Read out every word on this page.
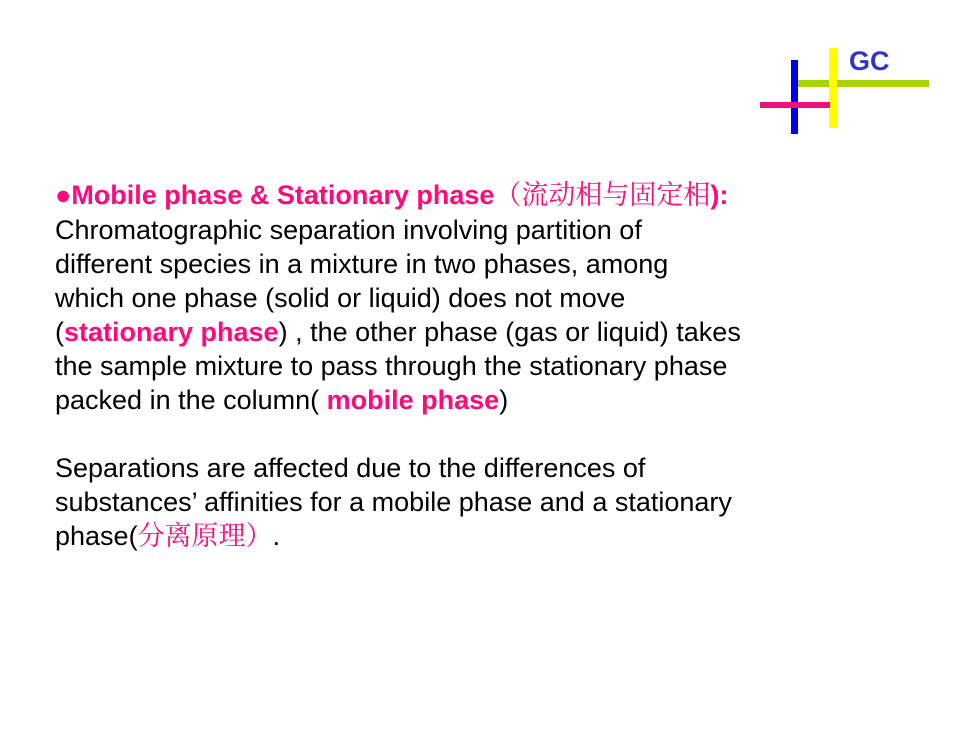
GC
●Mobile phase & Stationary phase（流动相与固定相):
Chromatographic separation involving partition of
different species in a mixture in two phases, among
which one phase (solid or liquid) does not move
(stationary phase) , the other phase (gas or liquid) takes
the sample mixture to pass through the stationary phase
packed in the column( mobile phase)
Separations are affected due to the differences of
substances’ affinities for a mobile phase and a stationary
phase(分离原理）.
